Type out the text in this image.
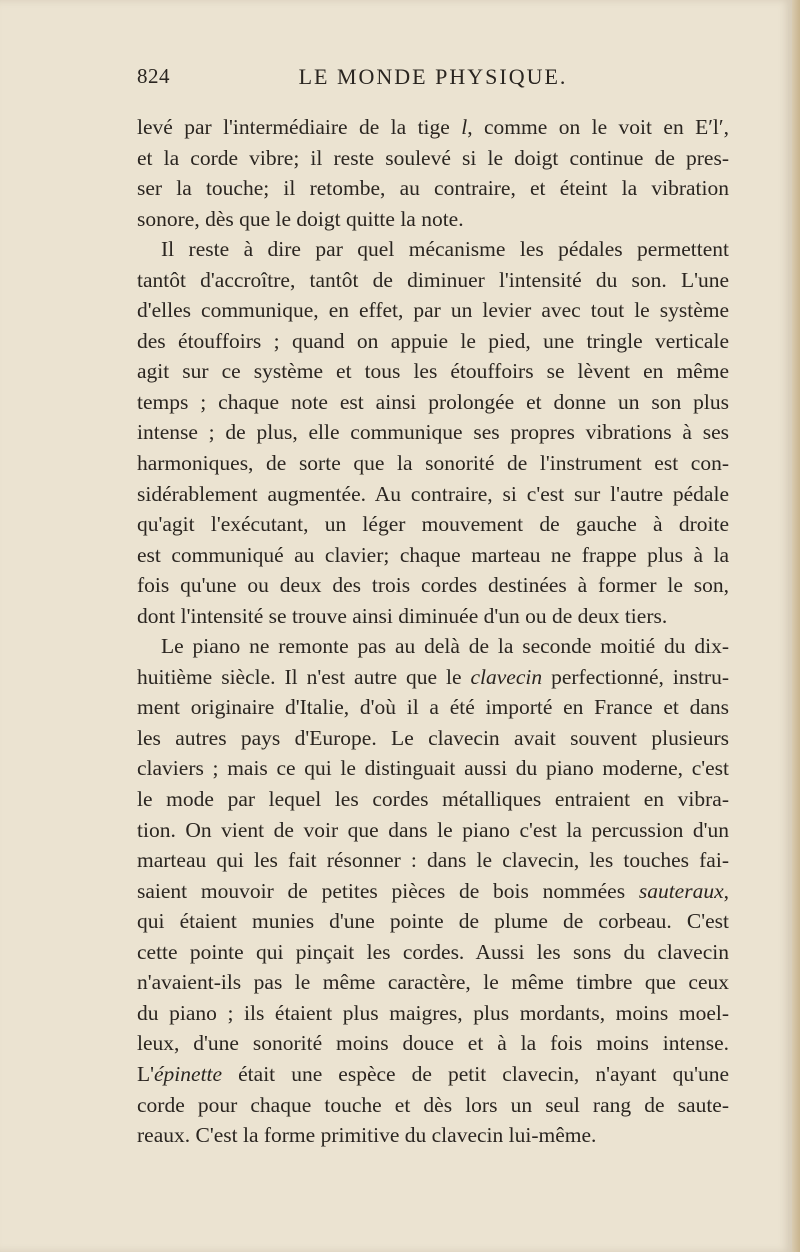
824	LE MONDE PHYSIQUE.
levé par l'intermédiaire de la tige l, comme on le voit en E′l′,
et la corde vibre; il reste soulevé si le doigt continue de pres-
ser la touche; il retombe, au contraire, et éteint la vibration
sonore, dès que le doigt quitte la note.
Il reste à dire par quel mécanisme les pédales permettent
tantôt d'accroître, tantôt de diminuer l'intensité du son. L'une
d'elles communique, en effet, par un levier avec tout le système
des étouffoirs ; quand on appuie le pied, une tringle verticale
agit sur ce système et tous les étouffoirs se lèvent en même
temps ; chaque note est ainsi prolongée et donne un son plus
intense ; de plus, elle communique ses propres vibrations à ses
harmoniques, de sorte que la sonorité de l'instrument est con-
sidérablement augmentée. Au contraire, si c'est sur l'autre pédale
qu'agit l'exécutant, un léger mouvement de gauche à droite
est communiqué au clavier; chaque marteau ne frappe plus à la
fois qu'une ou deux des trois cordes destinées à former le son,
dont l'intensité se trouve ainsi diminuée d'un ou de deux tiers.
Le piano ne remonte pas au delà de la seconde moitié du dix-
huitième siècle. Il n'est autre que le clavecin perfectionné, instru-
ment originaire d'Italie, d'où il a été importé en France et dans
les autres pays d'Europe. Le clavecin avait souvent plusieurs
claviers ; mais ce qui le distinguait aussi du piano moderne, c'est
le mode par lequel les cordes métalliques entraient en vibra-
tion. On vient de voir que dans le piano c'est la percussion d'un
marteau qui les fait résonner : dans le clavecin, les touches fai-
saient mouvoir de petites pièces de bois nommées sauteraux,
qui étaient munies d'une pointe de plume de corbeau. C'est
cette pointe qui pinçait les cordes. Aussi les sons du clavecin
n'avaient-ils pas le même caractère, le même timbre que ceux
du piano ; ils étaient plus maigres, plus mordants, moins moel-
leux, d'une sonorité moins douce et à la fois moins intense.
L'épinette était une espèce de petit clavecin, n'ayant qu'une
corde pour chaque touche et dès lors un seul rang de saute-
reaux. C'est la forme primitive du clavecin lui-même.
